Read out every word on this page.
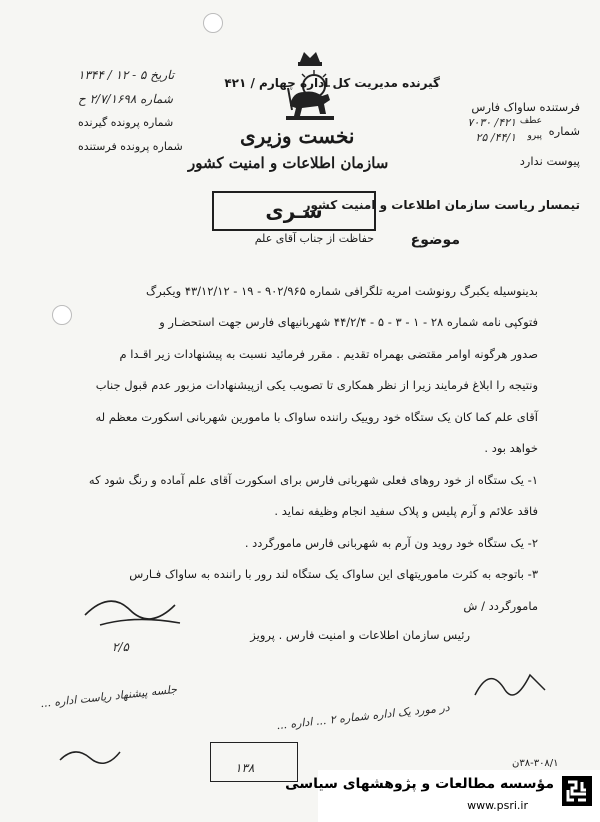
گیرنده مدیریت کل اداره چهارم / ۴۲۱
فرستنده ساواک فارس
شماره
عطف
پیرو
۴۲۱/ ۷۰۳۰
۴۴/۱/ ۲۵
پیوست ندارد
تاریخ ۵ - ۱۲ / ۱۳۴۴
شماره ۲/۷/۱۶۹۸ ح
شماره پرونده گیرنده
شماره پرونده فرستنده	نخست وزیری
سازمان اطلاعات و امنیت کشور
سـری
تیمسار ریاست سازمان اطلاعات و امنیت کشور
موضوع
حفاظت از جناب آقای علم
بدینوسیله یکبرگ رونوشت امریه تلگرافی شماره ۹۰۲/۹۶۵ - ۱۹ - ۴۳/۱۲/۱۲ ویکبرگ
فتوکپی نامه شماره ۲۸ - ۱ - ۳ - ۵ - ۴۴/۲/۴ شهربانیهای فارس جهت استحضـار و
صدور هرگونه اوامر مقتضی بهمراه تقدیم . مقرر فرمائید نسبت به پیشنهادات زیر اقـدا م
ونتیجه را ابلاغ فرمایند زیرا از نظر همکاری تا تصویب یکی ازپیشنهادات مزبور عدم قبول جناب
آقای علم کما کان یک ستگاه خود روییک راننده ساواک با مامورین شهربانی اسکورت معظم له
خواهد بود .
۱- یک ستگاه از خود روهای فعلی شهربانی فارس برای اسکورت آقای علم آماده و رنگ شود که
فاقد علائم و آرم پلیس و پلاک سفید انجام وظیفه نماید .
۲- یک ستگاه خود روید ون آرم به شهربانی فارس مامورگردد .
۳- باتوجه به کثرت ماموریتهای این ساواک یک ستگاه لند رور با راننده به ساواک فـارس
مامورگردد / ش
رئیس سازمان اطلاعات و امنیت فارس . پرویز
۲/۵
در مورد یک اداره شماره ۲ ... اداره ...
جلسه پیشنهاد ریاست اداره ...
۱۳۸	۳۸-۳۰۸/۱ن
مؤسسه مطالعات و پژوهشهای سیاسی
www.psri.ir
